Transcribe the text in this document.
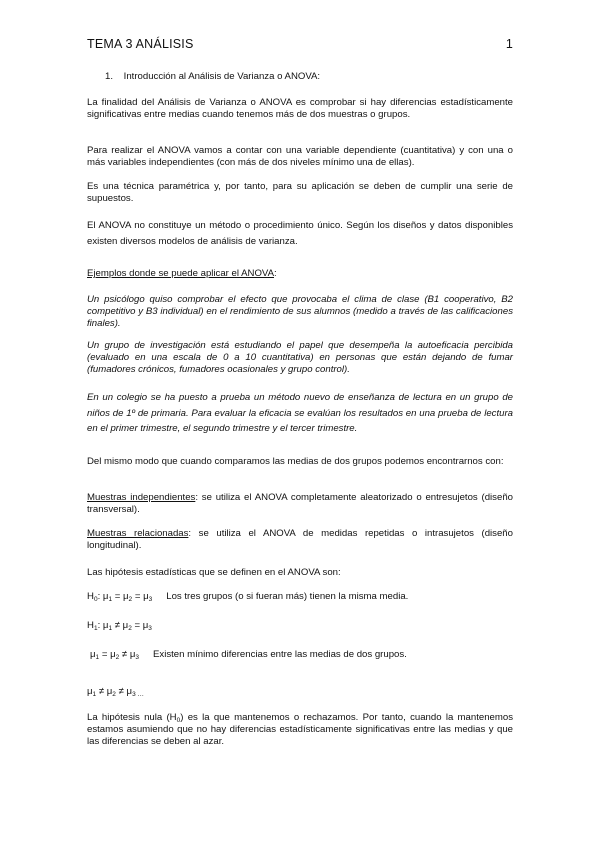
TEMA 3 ANÁLISIS	1
1.    Introducción al Análisis de Varianza o ANOVA:
La finalidad del Análisis de Varianza o ANOVA es comprobar si hay diferencias estadísticamente significativas entre medias cuando tenemos más de dos muestras o grupos.
Para realizar el ANOVA vamos a contar con una variable dependiente (cuantitativa) y con una o más variables independientes (con más de dos niveles mínimo una de ellas).
Es una técnica paramétrica y, por tanto, para su aplicación se deben de cumplir una serie de supuestos.
El ANOVA no constituye un método o procedimiento único. Según los diseños y datos disponibles existen diversos modelos de análisis de varianza.
Ejemplos donde se puede aplicar el ANOVA:
Un psicólogo quiso comprobar el efecto que provocaba el clima de clase (B1 cooperativo, B2 competitivo y B3 individual) en el rendimiento de sus alumnos (medido a través de las calificaciones finales).
Un grupo de investigación está estudiando el papel que desempeña la autoeficacia percibida (evaluado en una escala de 0 a 10 cuantitativa) en personas que están dejando de fumar (fumadores crónicos, fumadores ocasionales y grupo control).
En un colegio se ha puesto a prueba un método nuevo de enseñanza de lectura en un grupo de niños de 1º de primaria. Para evaluar la eficacia se evalúan los resultados en una prueba de lectura en el primer trimestre, el segundo trimestre y el tercer trimestre.
Del mismo modo que cuando comparamos las medias de dos grupos podemos encontrarnos con:
Muestras independientes: se utiliza el ANOVA completamente aleatorizado o entresujetos (diseño transversal).
Muestras relacionadas: se utiliza el ANOVA de medidas repetidas o intrasujetos (diseño longitudinal).
Las hipótesis estadísticas que se definen en el ANOVA son:
$H_0$: $\mu_1 = \mu_2 = \mu_3$ Los tres grupos (o si fueran más) tienen la misma media.
$H_1$: $\mu_1 \ne \mu_2 = \mu_3$
$\mu_1 = \mu_2 \ne \mu_3$ Existen mínimo diferencias entre las medias de dos grupos.
$\mu_1 \ne \mu_2 \ne \mu_{3 \dots}$
La hipótesis nula $(H_0)$ es la que mantenemos o rechazamos. Por tanto, cuando la mantenemos estamos asumiendo que no hay diferencias estadísticamente significativas entre las medias y que las diferencias se deben al azar.
